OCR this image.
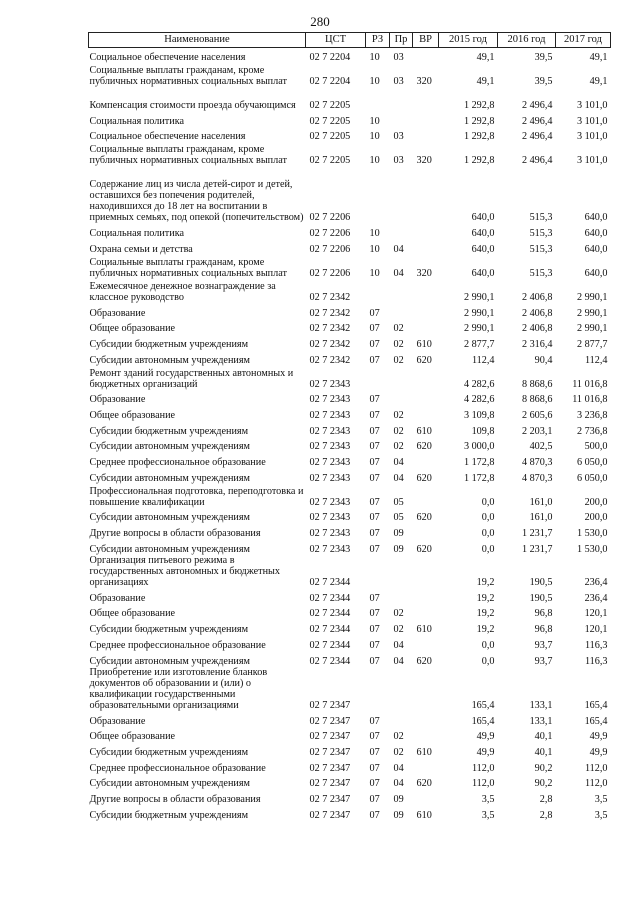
280
Наименование	ЦСТ	РЗ	Пр	ВР	2015 год	2016 год	2017 год
Социальное обеспечение населения	02 7 2204	10	03		49,1	39,5	49,1
Социальные выплаты гражданам, кроме публичных нормативных социальных выплат	02 7 2204	10	03	320	49,1	39,5	49,1
Компенсация стоимости проезда обучающимся	02 7 2205				1 292,8	2 496,4	3 101,0
Социальная политика	02 7 2205	10			1 292,8	2 496,4	3 101,0
Социальное обеспечение населения	02 7 2205	10	03		1 292,8	2 496,4	3 101,0
Социальные выплаты гражданам, кроме публичных нормативных социальных выплат	02 7 2205	10	03	320	1 292,8	2 496,4	3 101,0
Содержание лиц из числа детей-сирот и детей, оставшихся без попечения родителей, находившихся до 18 лет на воспитании в приемных семьях, под опекой (попечительством)	02 7 2206				640,0	515,3	640,0
Социальная политика	02 7 2206	10			640,0	515,3	640,0
Охрана семьи и детства	02 7 2206	10	04		640,0	515,3	640,0
Социальные выплаты гражданам, кроме публичных нормативных социальных выплат	02 7 2206	10	04	320	640,0	515,3	640,0
Ежемесячное денежное вознаграждение за классное руководство	02 7 2342				2 990,1	2 406,8	2 990,1
Образование	02 7 2342	07			2 990,1	2 406,8	2 990,1
Общее образование	02 7 2342	07	02		2 990,1	2 406,8	2 990,1
Субсидии бюджетным учреждениям	02 7 2342	07	02	610	2 877,7	2 316,4	2 877,7
Субсидии автономным учреждениям	02 7 2342	07	02	620	112,4	90,4	112,4
Ремонт зданий государственных автономных и бюджетных организаций	02 7 2343				4 282,6	8 868,6	11 016,8
Образование	02 7 2343	07			4 282,6	8 868,6	11 016,8
Общее образование	02 7 2343	07	02		3 109,8	2 605,6	3 236,8
Субсидии бюджетным учреждениям	02 7 2343	07	02	610	109,8	2 203,1	2 736,8
Субсидии автономным учреждениям	02 7 2343	07	02	620	3 000,0	402,5	500,0
Среднее профессиональное образование	02 7 2343	07	04		1 172,8	4 870,3	6 050,0
Субсидии автономным учреждениям	02 7 2343	07	04	620	1 172,8	4 870,3	6 050,0
Профессиональная подготовка, переподготовка и повышение квалификации	02 7 2343	07	05		0,0	161,0	200,0
Субсидии автономным учреждениям	02 7 2343	07	05	620	0,0	161,0	200,0
Другие вопросы в области образования	02 7 2343	07	09		0,0	1 231,7	1 530,0
Субсидии автономным учреждениям	02 7 2343	07	09	620	0,0	1 231,7	1 530,0
Организация питьевого режима в государственных автономных и бюджетных организациях	02 7 2344				19,2	190,5	236,4
Образование	02 7 2344	07			19,2	190,5	236,4
Общее образование	02 7 2344	07	02		19,2	96,8	120,1
Субсидии бюджетным учреждениям	02 7 2344	07	02	610	19,2	96,8	120,1
Среднее профессиональное образование	02 7 2344	07	04		0,0	93,7	116,3
Субсидии автономным учреждениям	02 7 2344	07	04	620	0,0	93,7	116,3
Приобретение или изготовление бланков документов об образовании и (или) о квалификации государственными образовательными организациями	02 7 2347				165,4	133,1	165,4
Образование	02 7 2347	07			165,4	133,1	165,4
Общее образование	02 7 2347	07	02		49,9	40,1	49,9
Субсидии бюджетным учреждениям	02 7 2347	07	02	610	49,9	40,1	49,9
Среднее профессиональное образование	02 7 2347	07	04		112,0	90,2	112,0
Субсидии автономным учреждениям	02 7 2347	07	04	620	112,0	90,2	112,0
Другие вопросы в области образования	02 7 2347	07	09		3,5	2,8	3,5
Субсидии бюджетным учреждениям	02 7 2347	07	09	610	3,5	2,8	3,5
